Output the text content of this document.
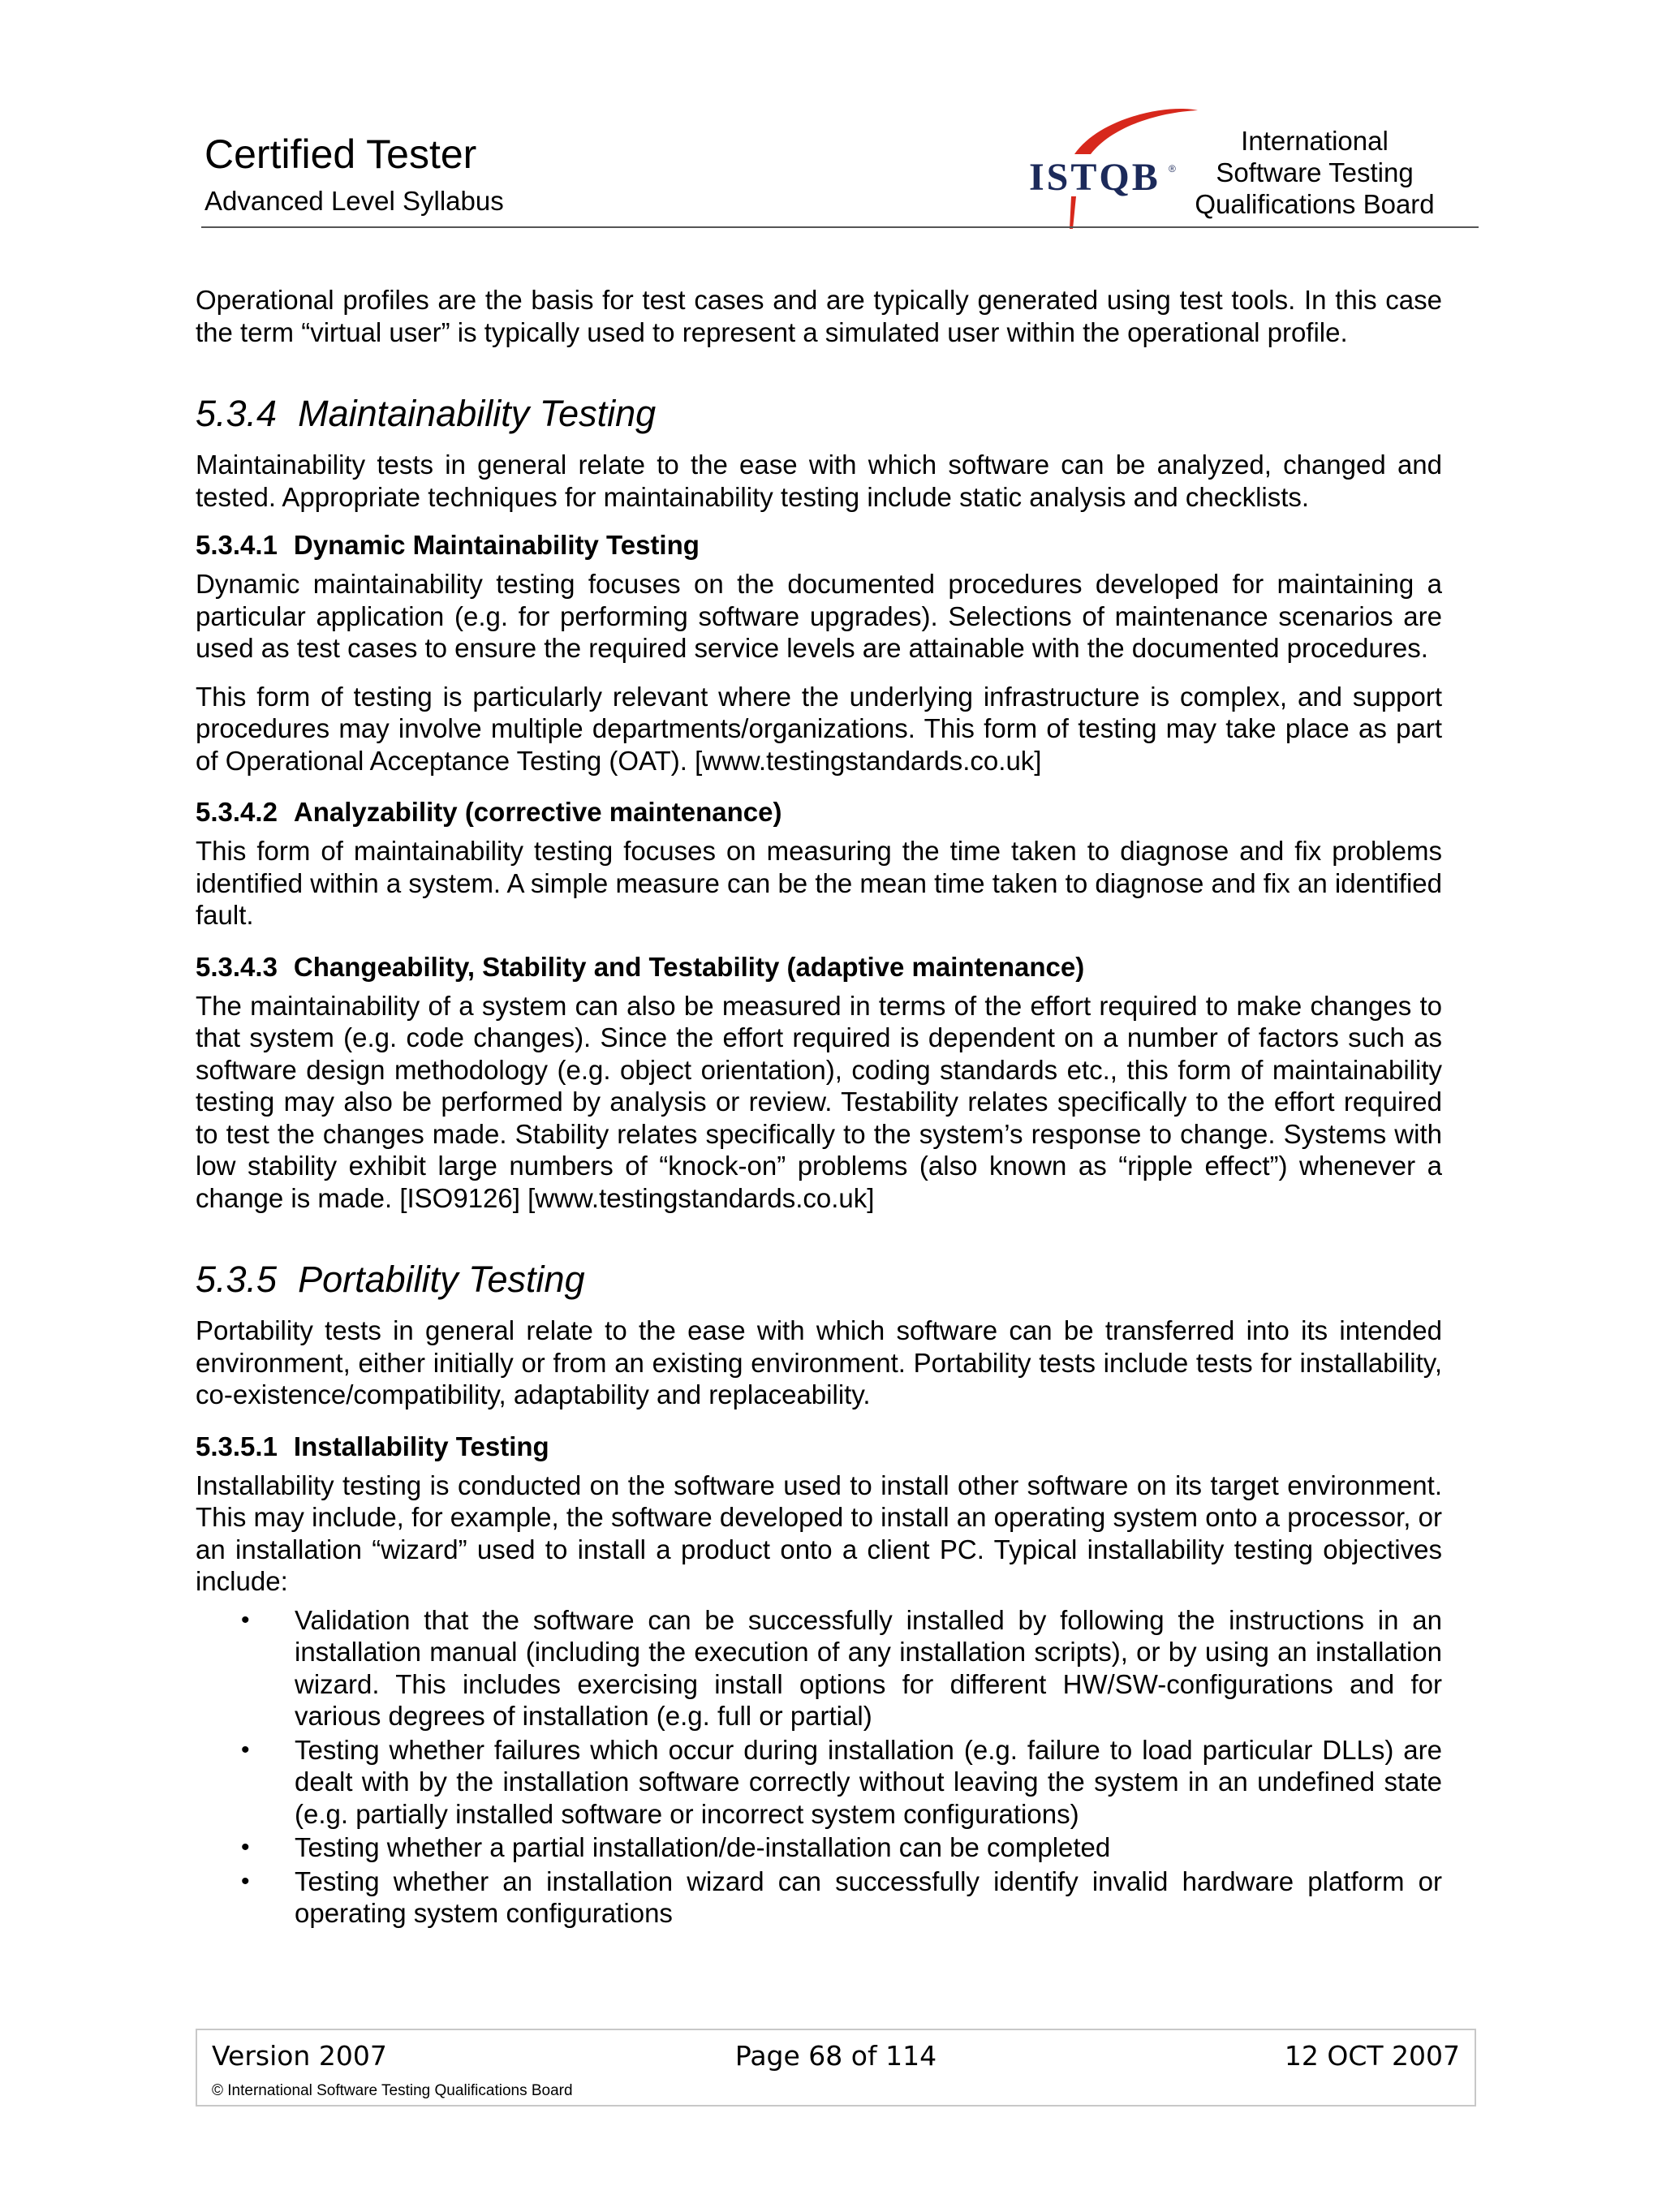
Certified Tester
Advanced Level Syllabus
ISTQB ®
International
Software Testing
Qualifications Board

Operational profiles are the basis for test cases and are typically generated using test tools. In this case the term “virtual user” is typically used to represent a simulated user within the operational profile.

5.3.4 Maintainability Testing

Maintainability tests in general relate to the ease with which software can be analyzed, changed and tested. Appropriate techniques for maintainability testing include static analysis and checklists.

5.3.4.1 Dynamic Maintainability Testing

Dynamic maintainability testing focuses on the documented procedures developed for maintaining a particular application (e.g. for performing software upgrades). Selections of maintenance scenarios are used as test cases to ensure the required service levels are attainable with the documented procedures.

This form of testing is particularly relevant where the underlying infrastructure is complex, and support procedures may involve multiple departments/organizations. This form of testing may take place as part of Operational Acceptance Testing (OAT). [www.testingstandards.co.uk]

5.3.4.2 Analyzability (corrective maintenance)

This form of maintainability testing focuses on measuring the time taken to diagnose and fix problems identified within a system. A simple measure can be the mean time taken to diagnose and fix an identified fault.

5.3.4.3 Changeability, Stability and Testability (adaptive maintenance)

The maintainability of a system can also be measured in terms of the effort required to make changes to that system (e.g. code changes). Since the effort required is dependent on a number of factors such as software design methodology (e.g. object orientation), coding standards etc., this form of maintainability testing may also be performed by analysis or review. Testability relates specifically to the effort required to test the changes made. Stability relates specifically to the system’s response to change. Systems with low stability exhibit large numbers of “knock-on” problems (also known as “ripple effect”) whenever a change is made. [ISO9126] [www.testingstandards.co.uk]

5.3.5 Portability Testing

Portability tests in general relate to the ease with which software can be transferred into its intended environment, either initially or from an existing environment. Portability tests include tests for installability, co-existence/compatibility, adaptability and replaceability.

5.3.5.1 Installability Testing

Installability testing is conducted on the software used to install other software on its target environment. This may include, for example, the software developed to install an operating system onto a processor, or an installation “wizard” used to install a product onto a client PC. Typical installability testing objectives include:

• Validation that the software can be successfully installed by following the instructions in an installation manual (including the execution of any installation scripts), or by using an installation wizard. This includes exercising install options for different HW/SW-configurations and for various degrees of installation (e.g. full or partial)
• Testing whether failures which occur during installation (e.g. failure to load particular DLLs) are dealt with by the installation software correctly without leaving the system in an undefined state (e.g. partially installed software or incorrect system configurations)
• Testing whether a partial installation/de-installation can be completed
• Testing whether an installation wizard can successfully identify invalid hardware platform or operating system configurations
Version 2007	Page 68 of 114	12 OCT 2007
© International Software Testing Qualifications Board
